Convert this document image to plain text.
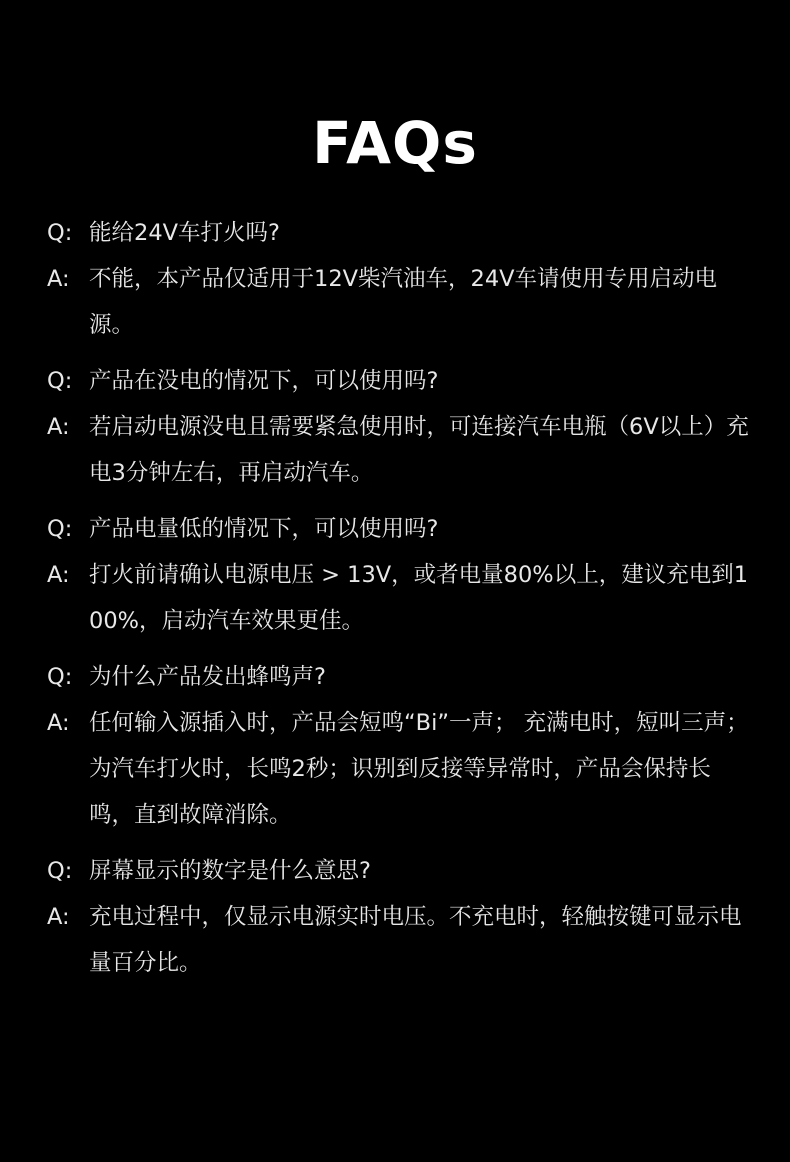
FAQs
Q: 能给24V车打火吗?
A: 不能，本产品仅适用于12V柴汽油车，24V车请使用专用启动电源。
Q: 产品在没电的情况下，可以使用吗?
A: 若启动电源没电且需要紧急使用时，可连接汽车电瓶（6V以上）充电3分钟左右，再启动汽车。
Q: 产品电量低的情况下，可以使用吗?
A: 打火前请确认电源电压 > 13V，或者电量80%以上，建议充电到100%，启动汽车效果更佳。
Q: 为什么产品发出蜂鸣声?
A: 任何输入源插入时，产品会短鸣“Bi”一声； 充满电时，短叫三声；为汽车打火时，长鸣2秒；识别到反接等异常时，产品会保持长鸣，直到故障消除。
Q: 屏幕显示的数字是什么意思?
A: 充电过程中，仅显示电源实时电压。不充电时，轻触按键可显示电量百分比。
